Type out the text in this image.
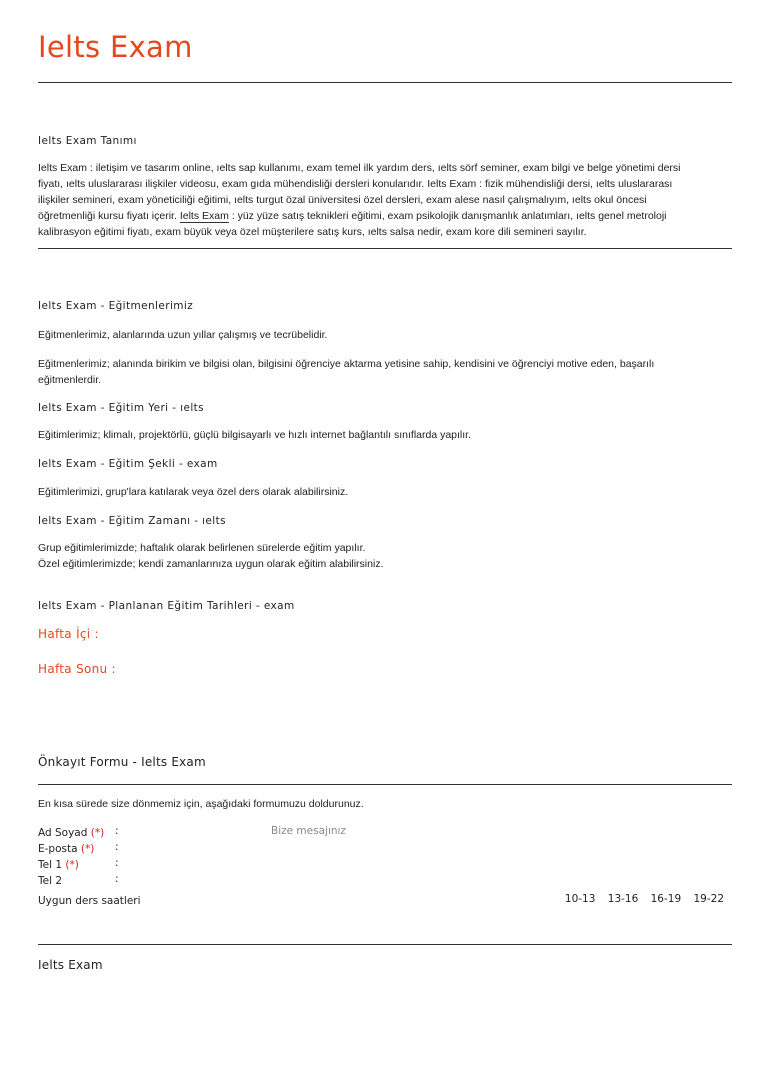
Ielts Exam
Ielts Exam Tanımı
Ielts Exam : iletişim ve tasarım online, ıelts sap kullanımı, exam temel ilk yardım ders, ıelts sörf seminer, exam bilgi ve belge yönetimi dersi
fiyatı, ıelts uluslararası ilişkiler videosu, exam gıda mühendisliği dersleri konularıdır. Ielts Exam : fizik mühendisliği dersi, ıelts uluslararası
ilişkiler semineri, exam yöneticiliği eğitimi, ıelts turgut özal üniversitesi özel dersleri, exam alese nasıl çalışmalıyım, ıelts okul öncesi
öğretmenliği kursu fiyatı içerir. Ielts Exam : yüz yüze satış teknikleri eğitimi, exam psikolojik danışmanlık anlatımları, ıelts genel metroloji
kalibrasyon eğitimi fiyatı, exam büyük veya özel müşterilere satış kurs, ıelts salsa nedir, exam kore dili semineri sayılır.
Ielts Exam - Eğitmenlerimiz
Eğitmenlerimiz, alanlarında uzun yıllar çalışmış ve tecrübelidir.
Eğitmenlerimiz; alanında birikim ve bilgisi olan, bilgisini öğrenciye aktarma yetisine sahip, kendisini ve öğrenciyi motive eden, başarılı
eğitmenlerdir.
Ielts Exam - Eğitim Yeri - ıelts
Eğitimlerimiz; klimalı, projektörlü, güçlü bilgisayarlı ve hızlı internet bağlantılı sınıflarda yapılır.
Ielts Exam - Eğitim Şekli - exam
Eğitimlerimizi, grup'lara katılarak veya özel ders olarak alabilirsiniz.
Ielts Exam - Eğitim Zamanı - ıelts
Grup eğitimlerimizde; haftalık olarak belirlenen sürelerde eğitim yapılır.
Özel eğitimlerimizde; kendi zamanlarınıza uygun olarak eğitim alabilirsiniz.
Ielts Exam - Planlanan Eğitim Tarihleri - exam
Hafta İçi :
Hafta Sonu :
Önkayıt Formu - Ielts Exam
En kısa sürede size dönmemiz için, aşağıdaki formumuzu doldurunuz.
Ad Soyad (*) :
E-posta (*) :
Tel 1 (*)	:
Tel 2	:
Bize mesajınız
Uygun ders saatleri	10-13 13-16 16-19 19-22
Ielts Exam
